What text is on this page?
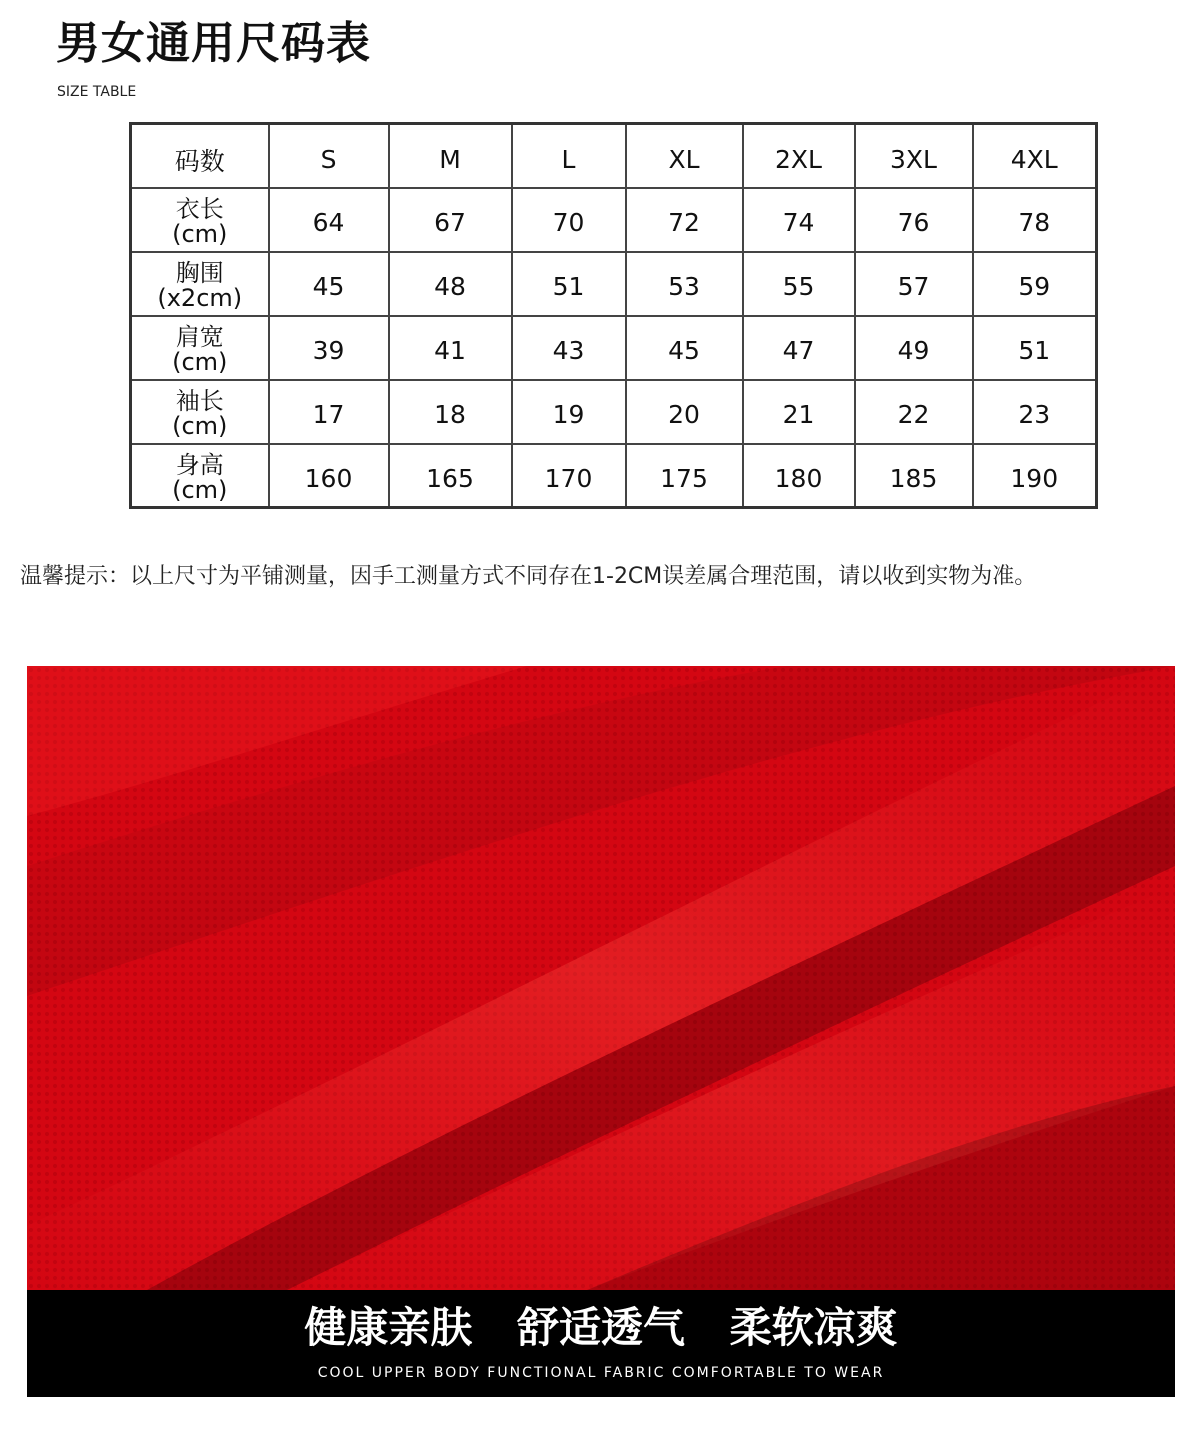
男女通用尺码表
SIZE TABLE
码数	S	M	L	XL	2XL	3XL	4XL

衣长
(cm)	64	67	70	72	74	76	78

胸围
(x2cm)	45	48	51	53	55	57	59

肩宽
(cm)	39	41	43	45	47	49	51

袖长
(cm)	17	18	19	20	21	22	23

身高
(cm)	160	165	170	175	180	185	190
温馨提示：以上尺寸为平铺测量，因手工测量方式不同存在1-2CM误差属合理范围，请以收到实物为准。
健康亲肤 舒适透气 柔软凉爽
COOL UPPER BODY FUNCTIONAL FABRIC COMFORTABLE TO WEAR
